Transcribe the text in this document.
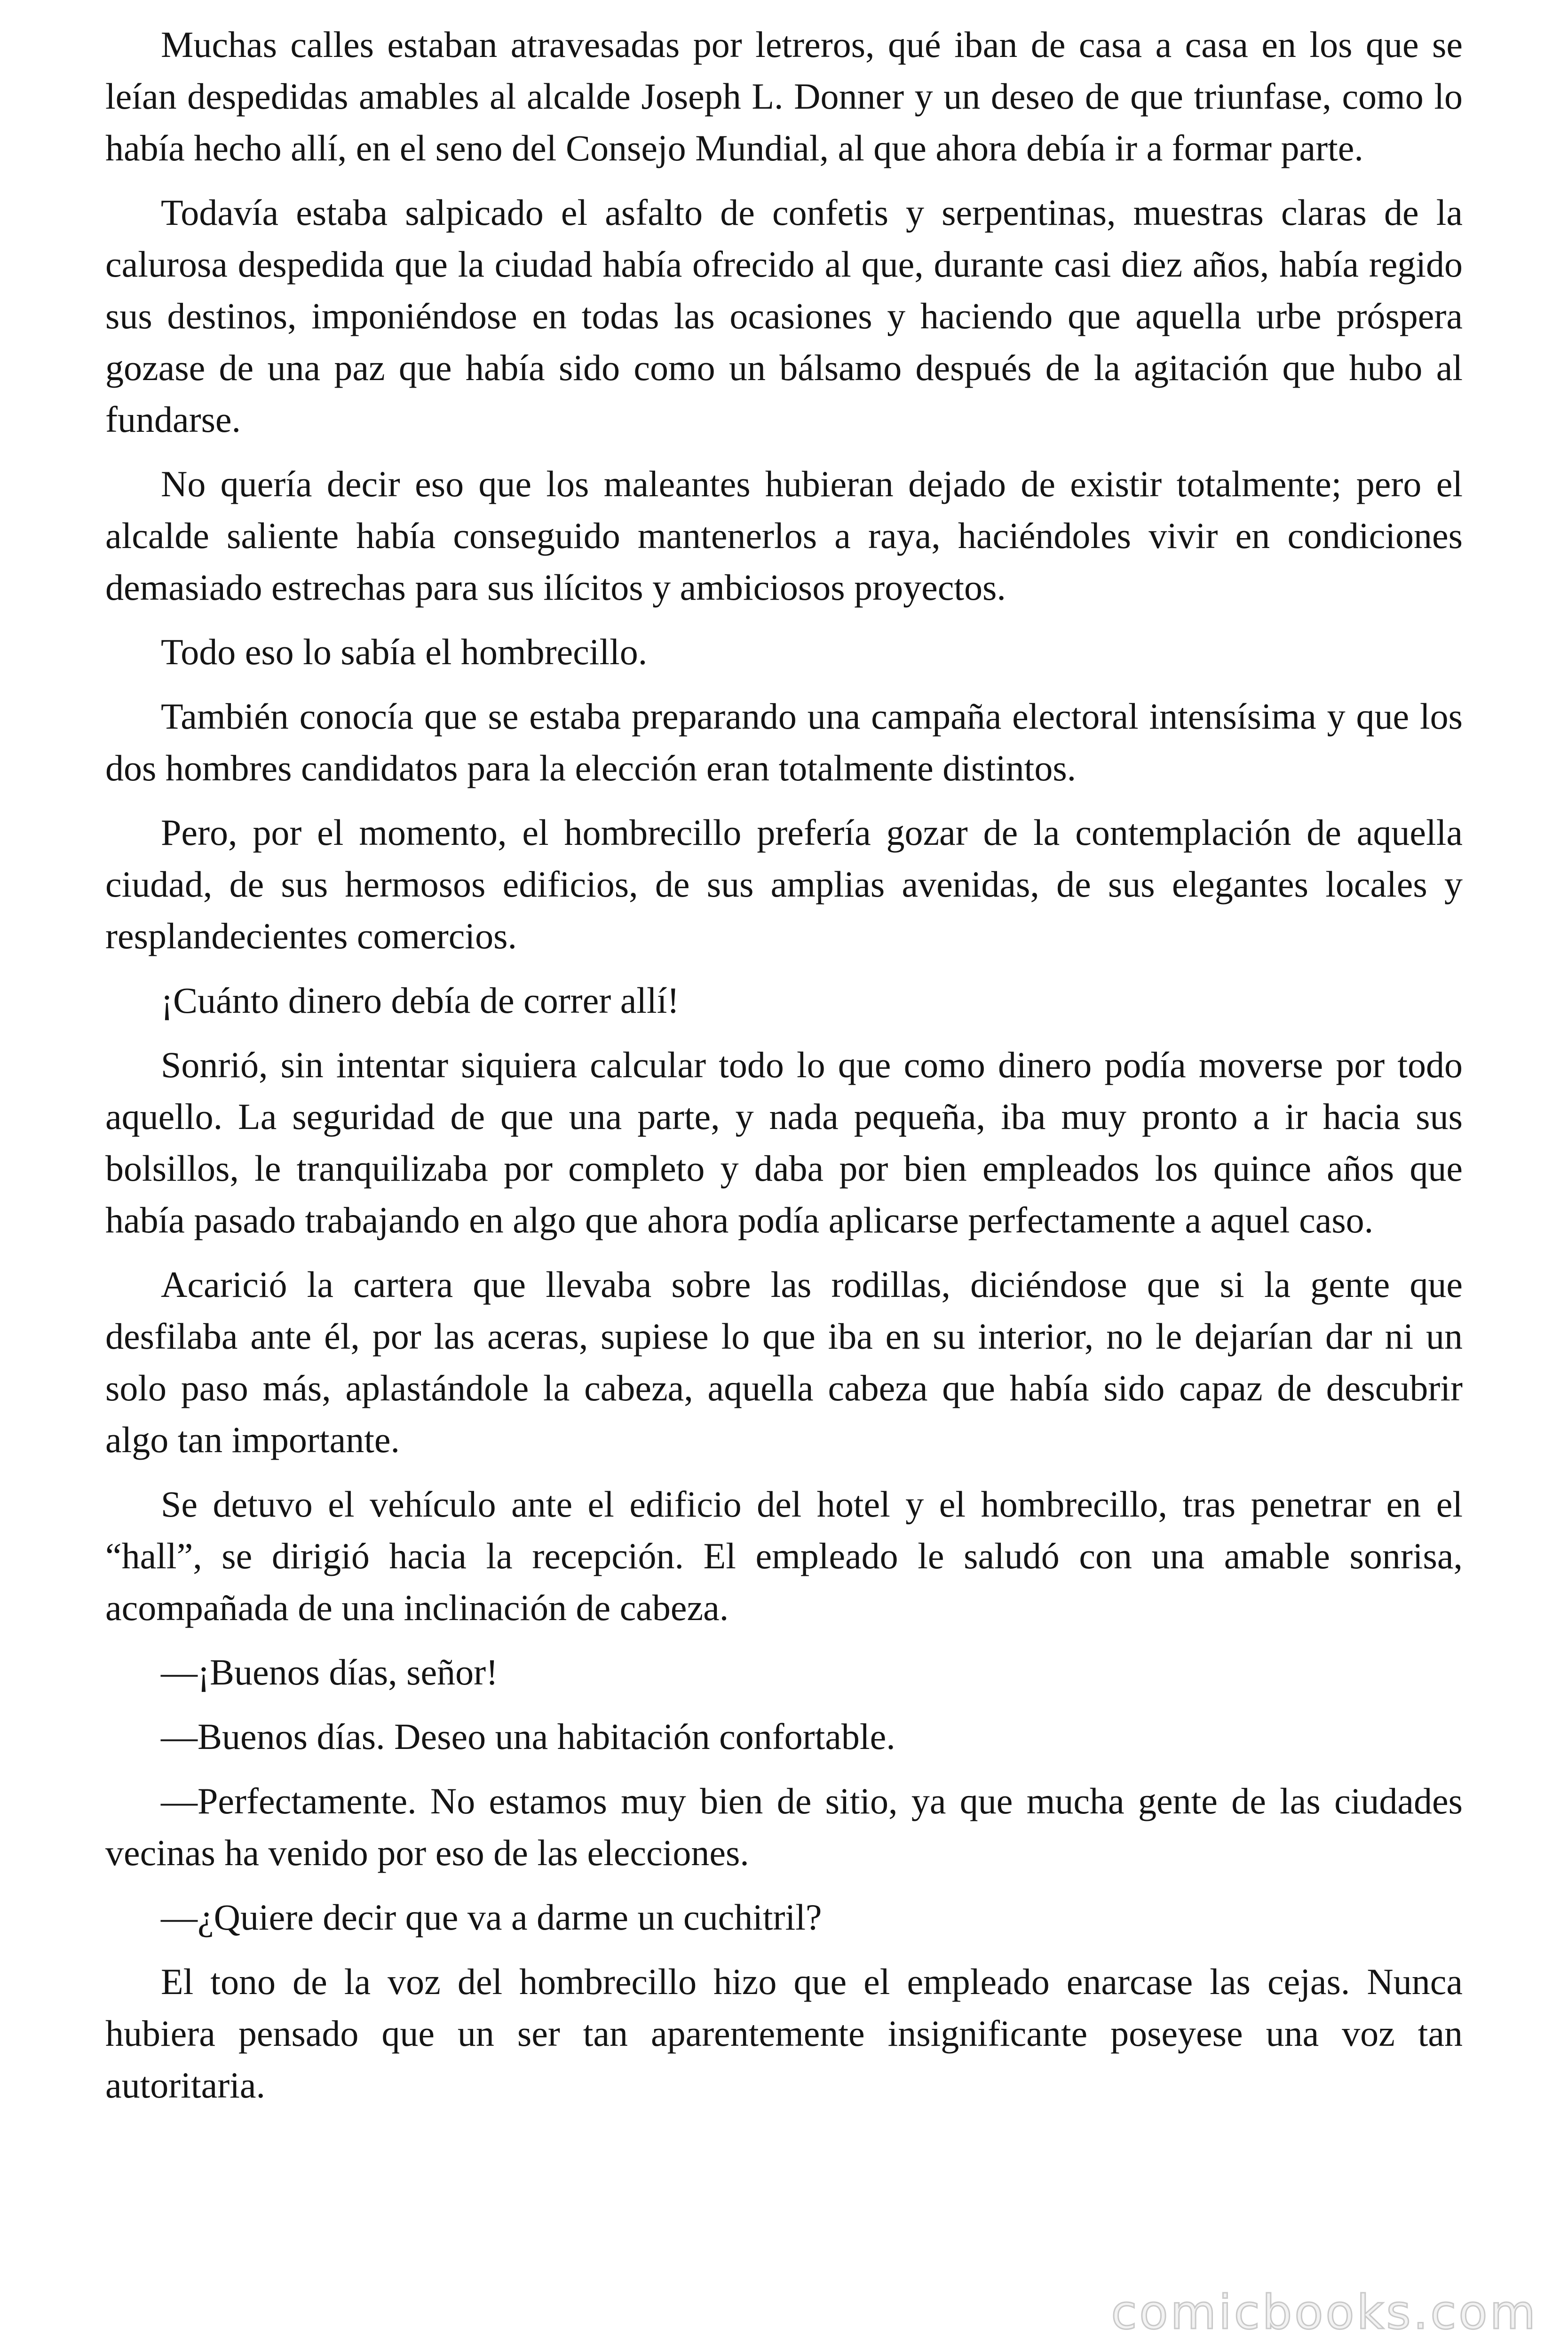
Muchas calles estaban atravesadas por letreros, qué iban de casa a casa en los que se leían despedidas amables al alcalde Joseph L. Donner y un deseo de que triunfase, como lo había hecho allí, en el seno del Consejo Mundial, al que ahora debía ir a formar parte.

Todavía estaba salpicado el asfalto de confetis y serpentinas, muestras claras de la calurosa despedida que la ciudad había ofrecido al que, durante casi diez años, había regido sus destinos, imponiéndose en todas las ocasiones y haciendo que aquella urbe próspera gozase de una paz que había sido como un bálsamo después de la agitación que hubo al fundarse.

No quería decir eso que los maleantes hubieran dejado de existir totalmente; pero el alcalde saliente había conseguido mantenerlos a raya, haciéndoles vivir en condiciones demasiado estrechas para sus ilícitos y ambiciosos proyectos.

Todo eso lo sabía el hombrecillo.

También conocía que se estaba preparando una campaña electoral intensísima y que los dos hombres candidatos para la elección eran totalmente distintos.

Pero, por el momento, el hombrecillo prefería gozar de la contemplación de aquella ciudad, de sus hermosos edificios, de sus amplias avenidas, de sus elegantes locales y resplandecientes comercios.

¡Cuánto dinero debía de correr allí!

Sonrió, sin intentar siquiera calcular todo lo que como dinero podía moverse por todo aquello. La seguridad de que una parte, y nada pequeña, iba muy pronto a ir hacia sus bolsillos, le tranquilizaba por completo y daba por bien empleados los quince años que había pasado trabajando en algo que ahora podía aplicarse perfectamente a aquel caso.

Acarició la cartera que llevaba sobre las rodillas, diciéndose que si la gente que desfilaba ante él, por las aceras, supiese lo que iba en su interior, no le dejarían dar ni un solo paso más, aplastándole la cabeza, aquella cabeza que había sido capaz de descubrir algo tan importante.

Se detuvo el vehículo ante el edificio del hotel y el hombrecillo, tras penetrar en el “hall”, se dirigió hacia la recepción. El empleado le saludó con una amable sonrisa, acompañada de una inclinación de cabeza.

—¡Buenos días, señor!

—Buenos días. Deseo una habitación confortable.

—Perfectamente. No estamos muy bien de sitio, ya que mucha gente de las ciudades vecinas ha venido por eso de las elecciones.

—¿Quiere decir que va a darme un cuchitril?

El tono de la voz del hombrecillo hizo que el empleado enarcase las cejas. Nunca hubiera pensado que un ser tan aparentemente insignificante poseyese una voz tan autoritaria.

comicbooks.com
